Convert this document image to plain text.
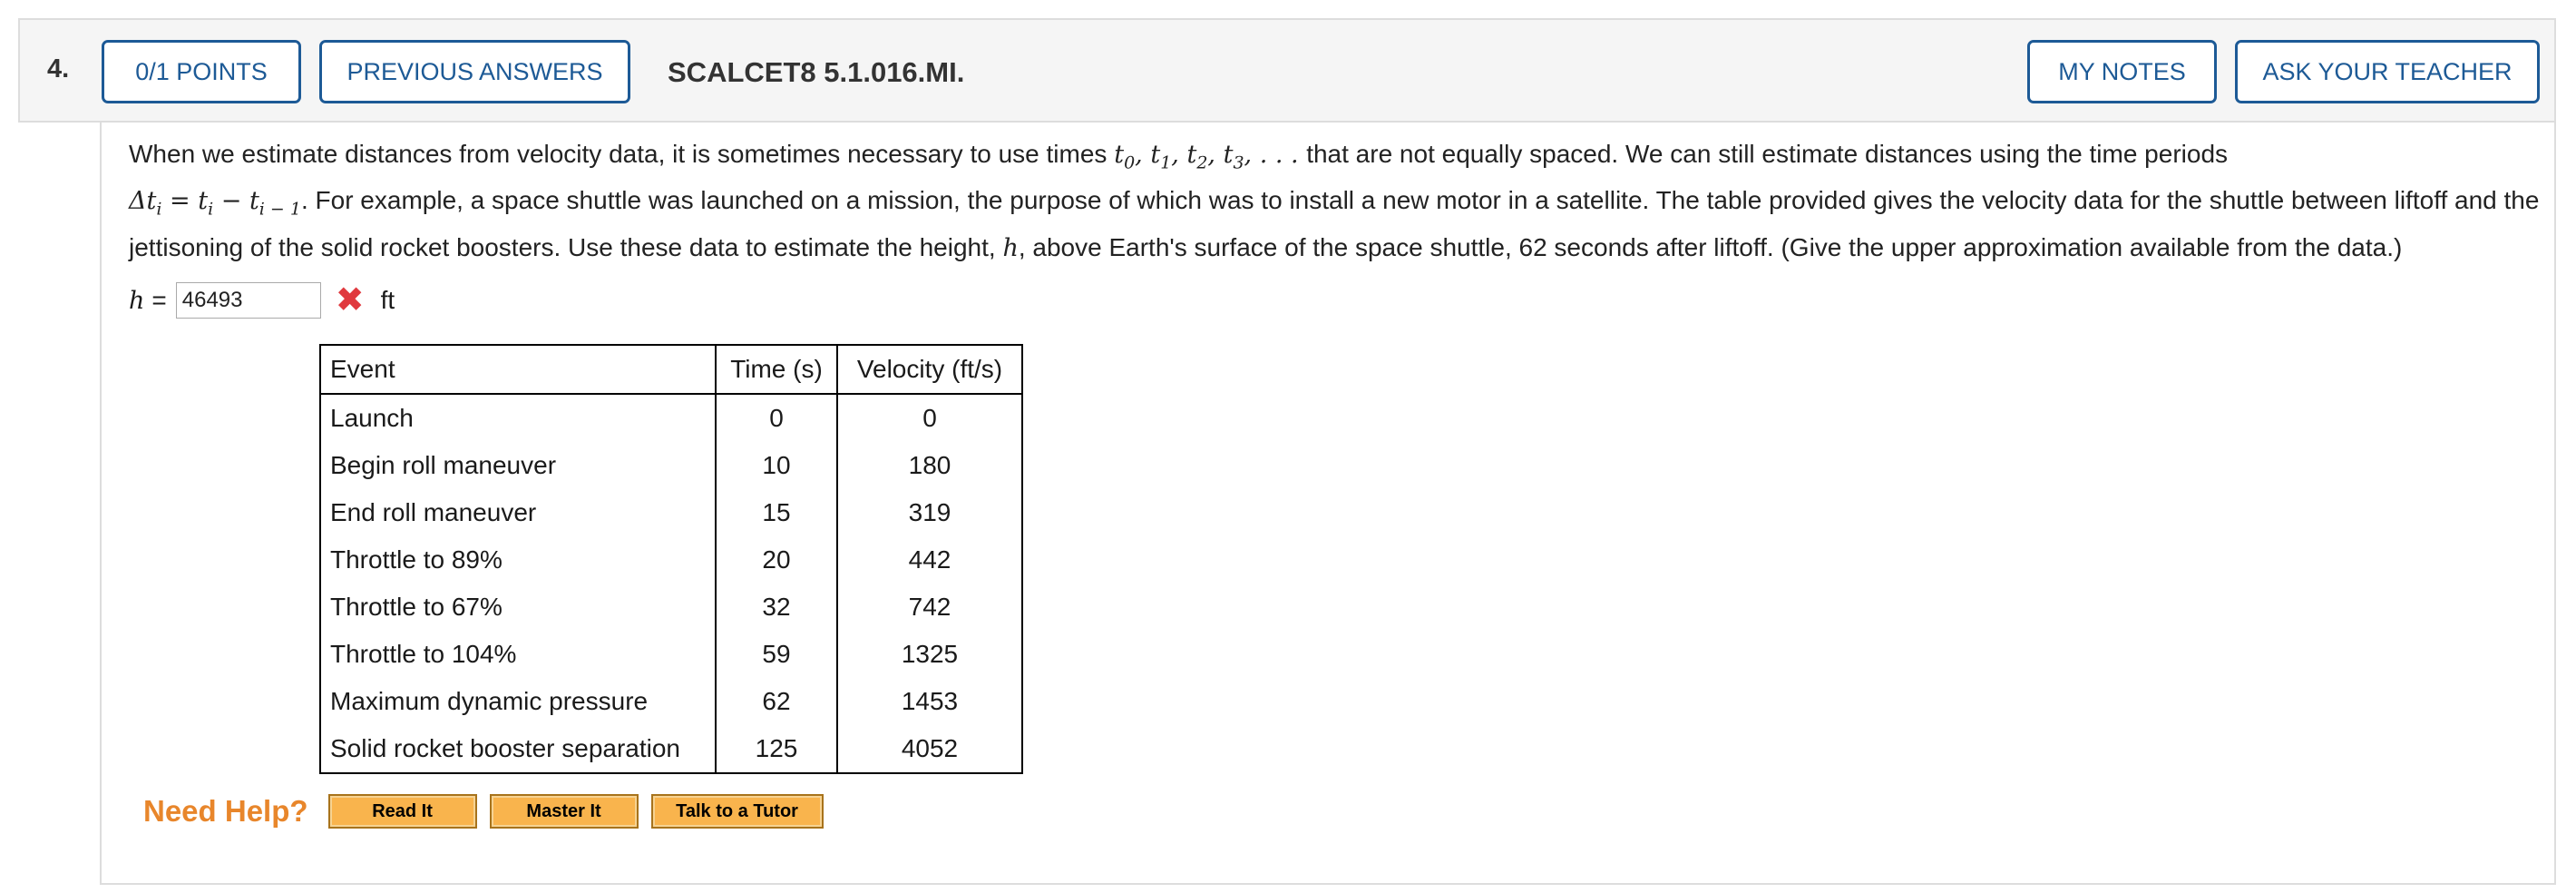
4.	0/1 POINTS	PREVIOUS ANSWERS	SCALCET8 5.1.016.MI.	MY NOTES	ASK YOUR TEACHER
When we estimate distances from velocity data, it is sometimes necessary to use times $t_0$, $t_1$, $t_2$, $t_3$, . . . that are not equally spaced. We can still estimate distances using the time periods
$\Delta t_i = t_i - t_{i - 1}$. For example, a space shuttle was launched on a mission, the purpose of which was to install a new motor in a satellite. The table provided gives the velocity data for the shuttle between liftoff and the jettisoning of the solid rocket boosters. Use these data to estimate the height, h, above Earth's surface of the space shuttle, 62 seconds after liftoff. (Give the upper approximation available from the data.)
h =
46493	✖ ft
Event	Time (s)	Velocity (ft/s)
Launch	0	0
Begin roll maneuver	10	180
End roll maneuver	15	319
Throttle to 89%	20	442
Throttle to 67%	32	742
Throttle to 104%	59	1325
Maximum dynamic pressure	62	1453
Solid rocket booster separation	125	4052
Need Help?	Read It	Master It	Talk to a Tutor
